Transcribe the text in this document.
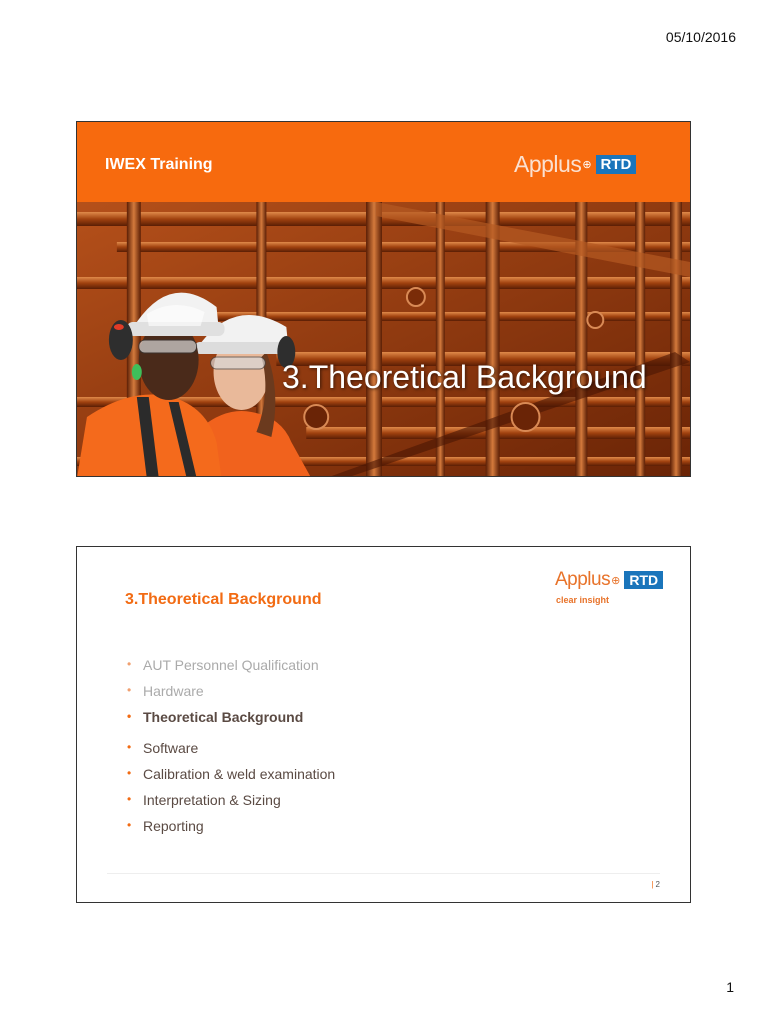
05/10/2016
IWEX Training	Applus ⊕ RTD
3.Theoretical Background
3.Theoretical Background
Applus ⊕ RTD
clear insight
• AUT Personnel Qualification
• Hardware
• Theoretical Background
• Software
• Calibration & weld examination
• Interpretation & Sizing
• Reporting
| 2
1
